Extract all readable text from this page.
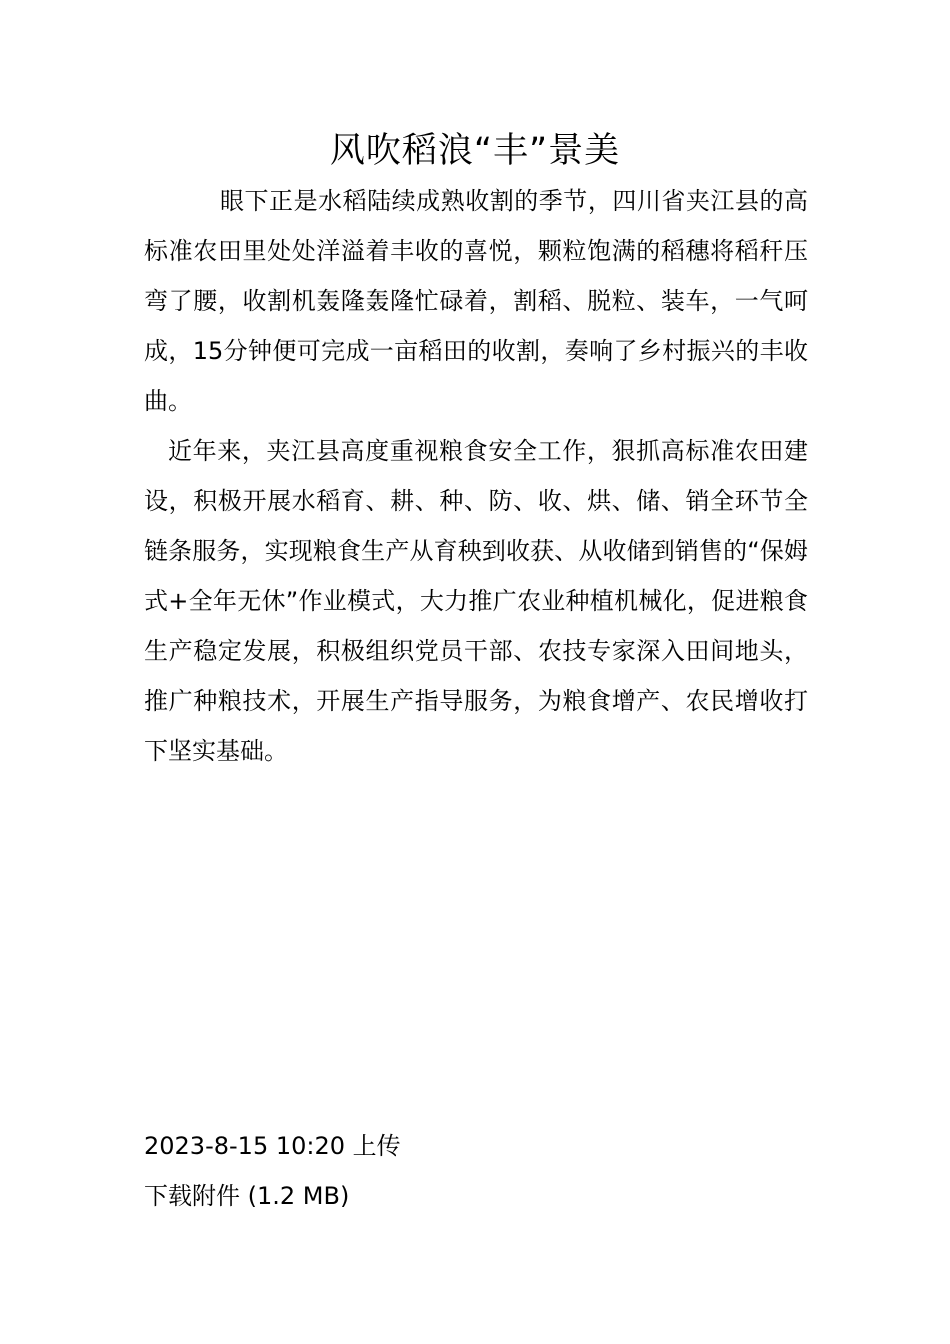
风吹稻浪“丰”景美

眼下正是水稻陆续成熟收割的季节，四川省夹江县的高标准农田里处处洋溢着丰收的喜悦，颗粒饱满的稻穗将稻秆压弯了腰，收割机轰隆轰隆忙碌着，割稻、脱粒、装车，一气呵成，15分钟便可完成一亩稻田的收割，奏响了乡村振兴的丰收曲。

近年来，夹江县高度重视粮食安全工作，狠抓高标准农田建设，积极开展水稻育、耕、种、防、收、烘、储、销全环节全链条服务，实现粮食生产从育秧到收获、从收储到销售的“保姆式+全年无休”作业模式，大力推广农业种植机械化，促进粮食生产稳定发展，积极组织党员干部、农技专家深入田间地头，推广种粮技术，开展生产指导服务，为粮食增产、农民增收打下坚实基础。

2023-8-15 10:20 上传

下载附件 (1.2 MB)
